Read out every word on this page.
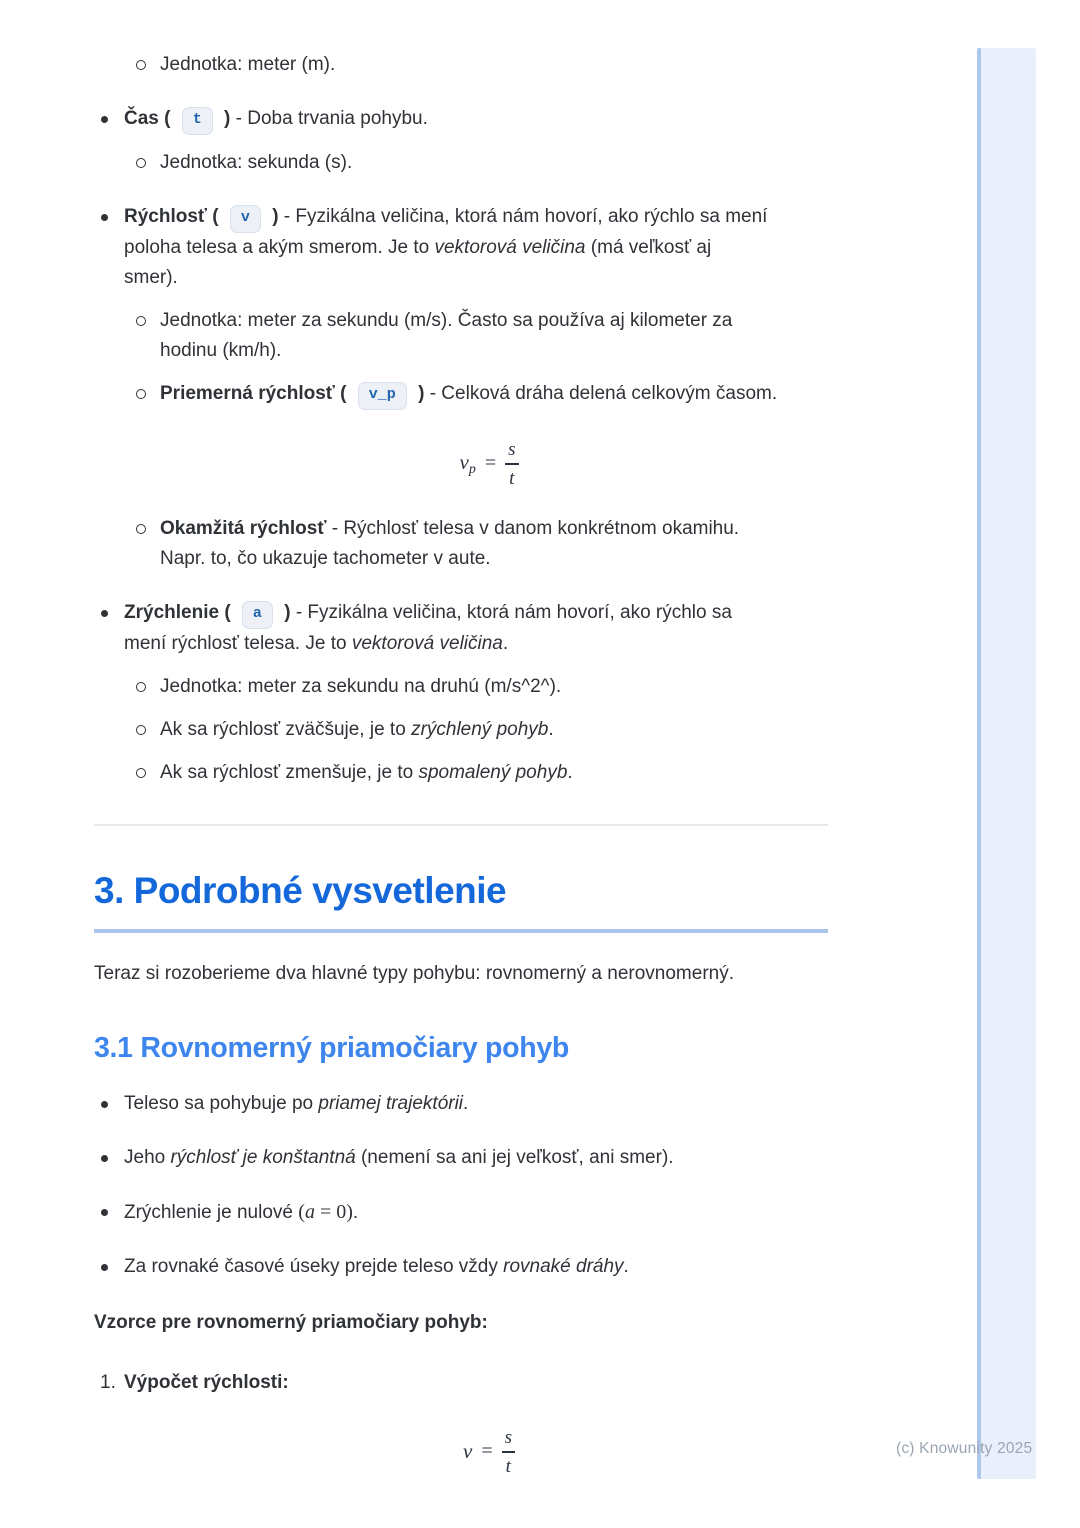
Jednotka: meter (m).
Čas ( t ) - Doba trvania pohybu.
Jednotka: sekunda (s).
Rýchlosť ( v ) - Fyzikálna veličina, ktorá nám hovorí, ako rýchlo sa mení
poloha telesa a akým smerom. Je to vektorová veličina (má veľkosť aj
smer).
Jednotka: meter za sekundu (m/s). Často sa používa aj kilometer za
hodinu (km/h).
Priemerná rýchlosť ( v_p ) - Celková dráha delená celkovým časom.
$v_p = \frac{s}{t}$
Okamžitá rýchlosť - Rýchlosť telesa v danom konkrétnom okamihu.
Napr. to, čo ukazuje tachometer v aute.
Zrýchlenie ( a ) - Fyzikálna veličina, ktorá nám hovorí, ako rýchlo sa
mení rýchlosť telesa. Je to vektorová veličina.
Jednotka: meter za sekundu na druhú (m/s^2^).
Ak sa rýchlosť zväčšuje, je to zrýchlený pohyb.
Ak sa rýchlosť zmenšuje, je to spomalený pohyb.
3. Podrobné vysvetlenie

Teraz si rozoberieme dva hlavné typy pohybu: rovnomerný a nerovnomerný.

3.1 Rovnomerný priamočiary pohyb
Teleso sa pohybuje po priamej trajektórii.
Jeho rýchlosť je konštantná (nemení sa ani jej veľkosť, ani smer).
Zrýchlenie je nulové (a = 0).
Za rovnaké časové úseky prejde teleso vždy rovnaké dráhy.

Vzorce pre rovnomerný priamočiary pohyb:

1. Výpočet rýchlosti:
$v = \frac{s}{t}$	(c) Knowunity 2025
